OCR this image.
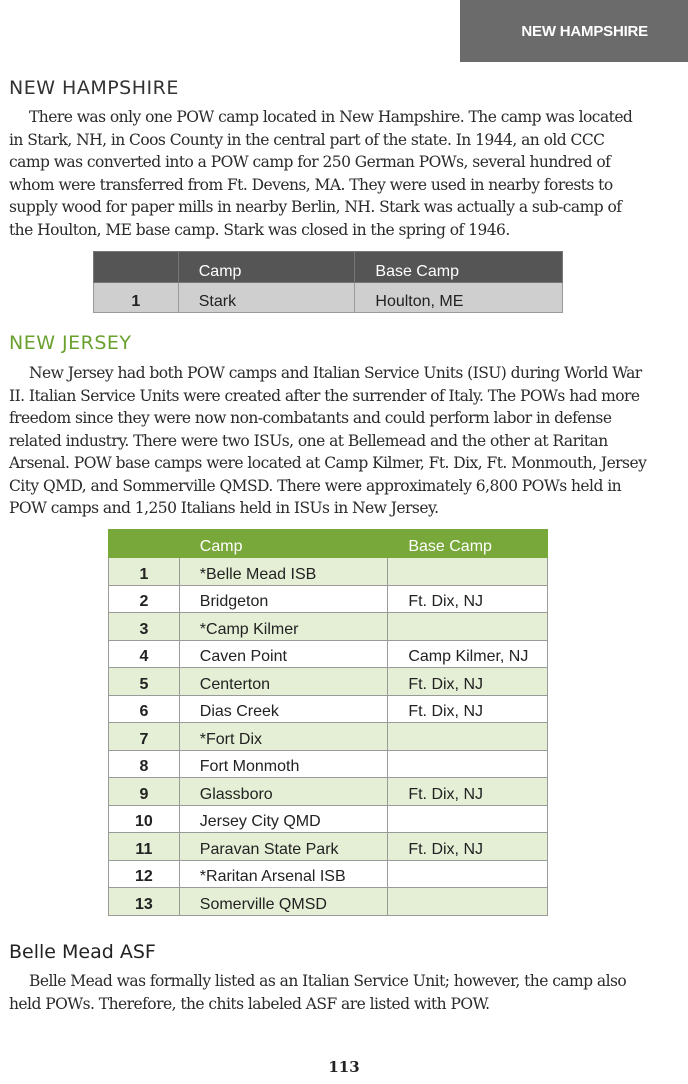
NEW HAMPSHIRE
NEW HAMPSHIRE

There was only one POW camp located in New Hampshire. The camp was located in Stark, NH, in Coos County in the central part of the state. In 1944, an old CCC camp was converted into a POW camp for 250 German POWs, several hundred of whom were transferred from Ft. Devens, MA. They were used in nearby forests to supply wood for paper mills in nearby Berlin, NH. Stark was actually a sub-camp of the Houlton, ME base camp. Stark was closed in the spring of 1946.

	Camp	Base Camp
1	Stark	Houlton, ME
NEW JERSEY

New Jersey had both POW camps and Italian Service Units (ISU) during World War II. Italian Service Units were created after the surrender of Italy. The POWs had more freedom since they were now non-combatants and could perform labor in defense related industry. There were two ISUs, one at Bellemead and the other at Raritan Arsenal. POW base camps were located at Camp Kilmer, Ft. Dix, Ft. Monmouth, Jersey City QMD, and Sommerville QMSD. There were approximately 6,800 POWs held in POW camps and 1,250 Italians held in ISUs in New Jersey.

	Camp	Base Camp
1	*Belle Mead ISB	
2	Bridgeton	Ft. Dix, NJ
3	*Camp Kilmer	
4	Caven Point	Camp Kilmer, NJ
5	Centerton	Ft. Dix, NJ
6	Dias Creek	Ft. Dix, NJ
7	*Fort Dix	
8	Fort Monmoth	
9	Glassboro	Ft. Dix, NJ
10	Jersey City QMD	
11	Paravan State Park	Ft. Dix, NJ
12	*Raritan Arsenal ISB	
13	Somerville QMSD	
Belle Mead ASF

Belle Mead was formally listed as an Italian Service Unit; however, the camp also held POWs. Therefore, the chits labeled ASF are listed with POW.

113
